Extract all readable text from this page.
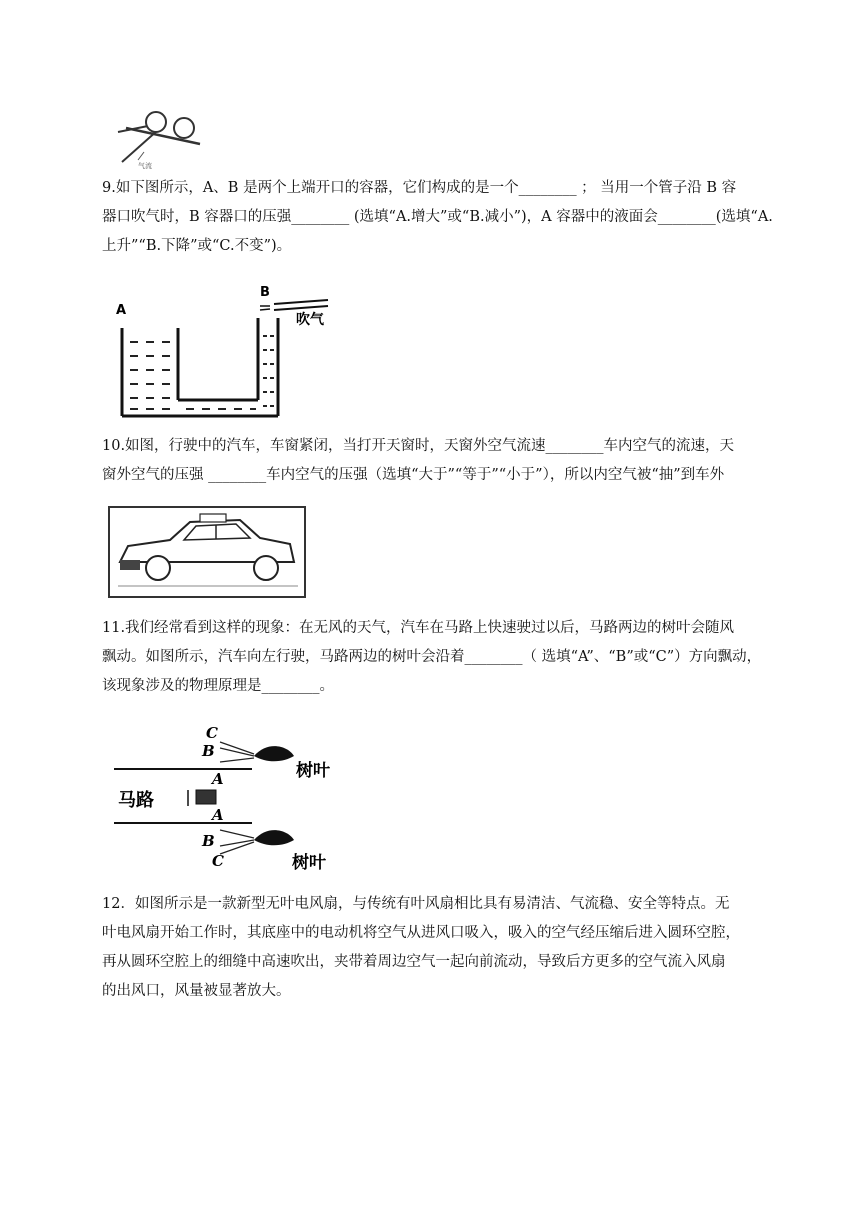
气流
9.如下图所示，A、B 是两个上端开口的容器，它们构成的是一个________ ； 当用一个管子沿 B 容
器口吹气时，B 容器口的压强________ (选填“A.增大”或“B.减小”)，A 容器中的液面会________(选填“A.
上升”“B.下降”或“C.不变”)。
A
B
吹气
10.如图，行驶中的汽车，车窗紧闭，当打开天窗时，天窗外空气流速________车内空气的流速，天
窗外空气的压强 ________车内空气的压强（选填“大于”“等于”“小于”），所以内空气被“抽”到车外
11.我们经常看到这样的现象：在无风的天气，汽车在马路上快速驶过以后，马路两边的树叶会随风
飘动。如图所示，汽车向左行驶，马路两边的树叶会沿着________（ 选填“A”、“B”或“C”）方向飘动，
该现象涉及的物理原理是________。
C
B
A
A
B
C
马路
树叶
树叶
12．如图所示是一款新型无叶电风扇，与传统有叶风扇相比具有易清洁、气流稳、安全等特点。无
叶电风扇开始工作时，其底座中的电动机将空气从进风口吸入，吸入的空气经压缩后进入圆环空腔，
再从圆环空腔上的细缝中高速吹出，夹带着周边空气一起向前流动，导致后方更多的空气流入风扇
的出风口，风量被显著放大。
